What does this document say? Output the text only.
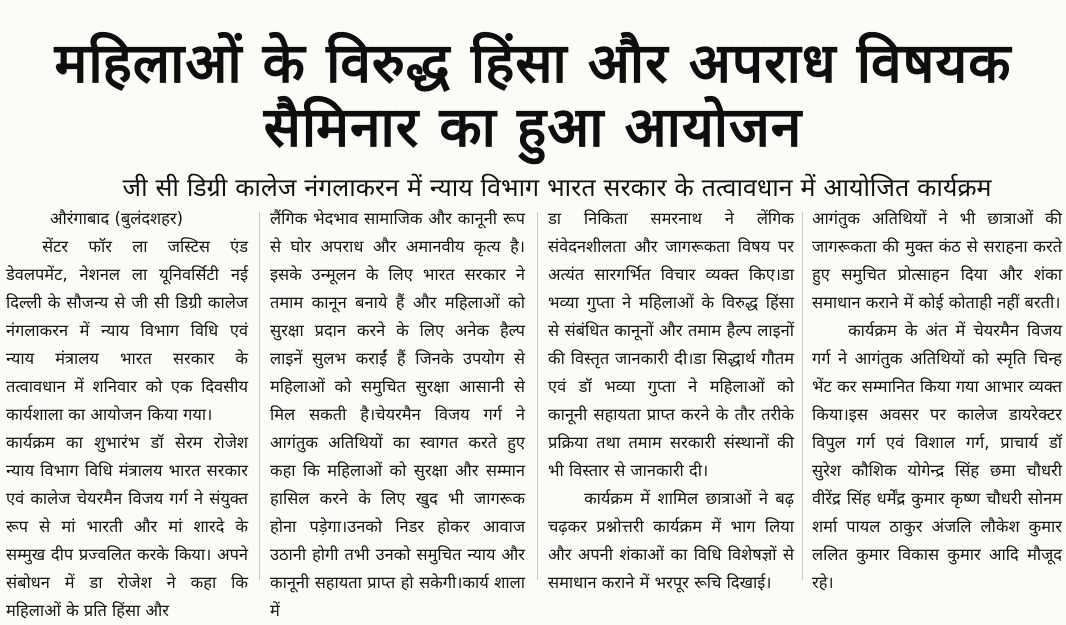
महिलाओं के विरुद्ध हिंसा और अपराध विषयक
सैमिनार का हुआ आयोजन
जी सी डिग्री कालेज नंगलाकरन में न्याय विभाग भारत सरकार के तत्वावधान में आयोजित कार्यक्रम
औरंगाबाद (बुलंदशहर)

सेंटर फॉर ला जस्टिस एंड डेवलपमेंट, नेशनल ला यूनिवर्सिटी नई दिल्ली के सौजन्य से जी सी डिग्री कालेज नंगलाकरन में न्याय विभाग विधि एवं न्याय मंत्रालय भारत सरकार के तत्वावधान में शनिवार को एक दिवसीय कार्यशाला का आयोजन किया गया।

कार्यक्रम का शुभारंभ डॉ सेरम रोजेश न्याय विभाग विधि मंत्रालय भारत सरकार एवं कालेज चेयरमैन विजय गर्ग ने संयुक्त रूप से मां भारती और मां शारदे के सम्मुख दीप प्रज्वलित करके किया। अपने संबोधन में डा रोजेश ने कहा कि महिलाओं के प्रति हिंसा और

लैंगिक भेदभाव सामाजिक और कानूनी रूप से घोर अपराध और अमानवीय कृत्य है। इसके उन्मूलन के लिए भारत सरकार ने तमाम कानून बनाये हैं और महिलाओं को सुरक्षा प्रदान करने के लिए अनेक हैल्प लाइनें सुलभ कराईं हैं जिनके उपयोग से महिलाओं को समुचित सुरक्षा आसानी से मिल सकती है।चेयरमैन विजय गर्ग ने आगंतुक अतिथियों का स्वागत करते हुए कहा कि महिलाओं को सुरक्षा और सम्मान हासिल करने के लिए खुद भी जागरूक होना पड़ेगा।उनको निडर होकर आवाज उठानी होगी तभी उनको समुचित न्याय और कानूनी सहायता प्राप्त हो सकेगी।कार्य शाला में

डा निकिता समरनाथ ने लेंगिक संवेदनशीलता और जागरूकता विषय पर अत्यंत सारगर्भित विचार व्यक्त किए।डा भव्या गुप्ता ने महिलाओं के विरुद्ध हिंसा से संबंधित कानूनों और तमाम हैल्प लाइनों की विस्तृत जानकारी दी।डा सिद्धार्थ गौतम एवं डॉ भव्या गुप्ता ने महिलाओं को कानूनी सहायता प्राप्त करने के तौर तरीके प्रक्रिया तथा तमाम सरकारी संस्थानों की भी विस्तार से जानकारी दी।

कार्यक्रम में शामिल छात्राओं ने बढ़ चढ़कर प्रश्नोत्तरी कार्यक्रम में भाग लिया और अपनी शंकाओं का विधि विशेषज्ञों से समाधान कराने में भरपूर रूचि दिखाई।

आगंतुक अतिथियों ने भी छात्राओं की जागरूकता की मुक्त कंठ से सराहना करते हुए समुचित प्रोत्साहन दिया और शंका समाधान कराने में कोई कोताही नहीं बरती।

कार्यक्रम के अंत में चेयरमैन विजय गर्ग ने आगंतुक अतिथियों को स्मृति चिन्ह भेंट कर सम्मानित किया गया आभार व्यक्त किया।इस अवसर पर कालेज डायरेक्टर विपुल गर्ग एवं विशाल गर्ग, प्राचार्य डॉ सुरेश कौशिक योगेन्द्र सिंह छमा चौधरी वीरेंद्र सिंह धर्मेंद्र कुमार कृष्ण चौधरी सोनम शर्मा पायल ठाकुर अंजलि लौकेश कुमार ललित कुमार विकास कुमार आदि मौजूद रहे।
